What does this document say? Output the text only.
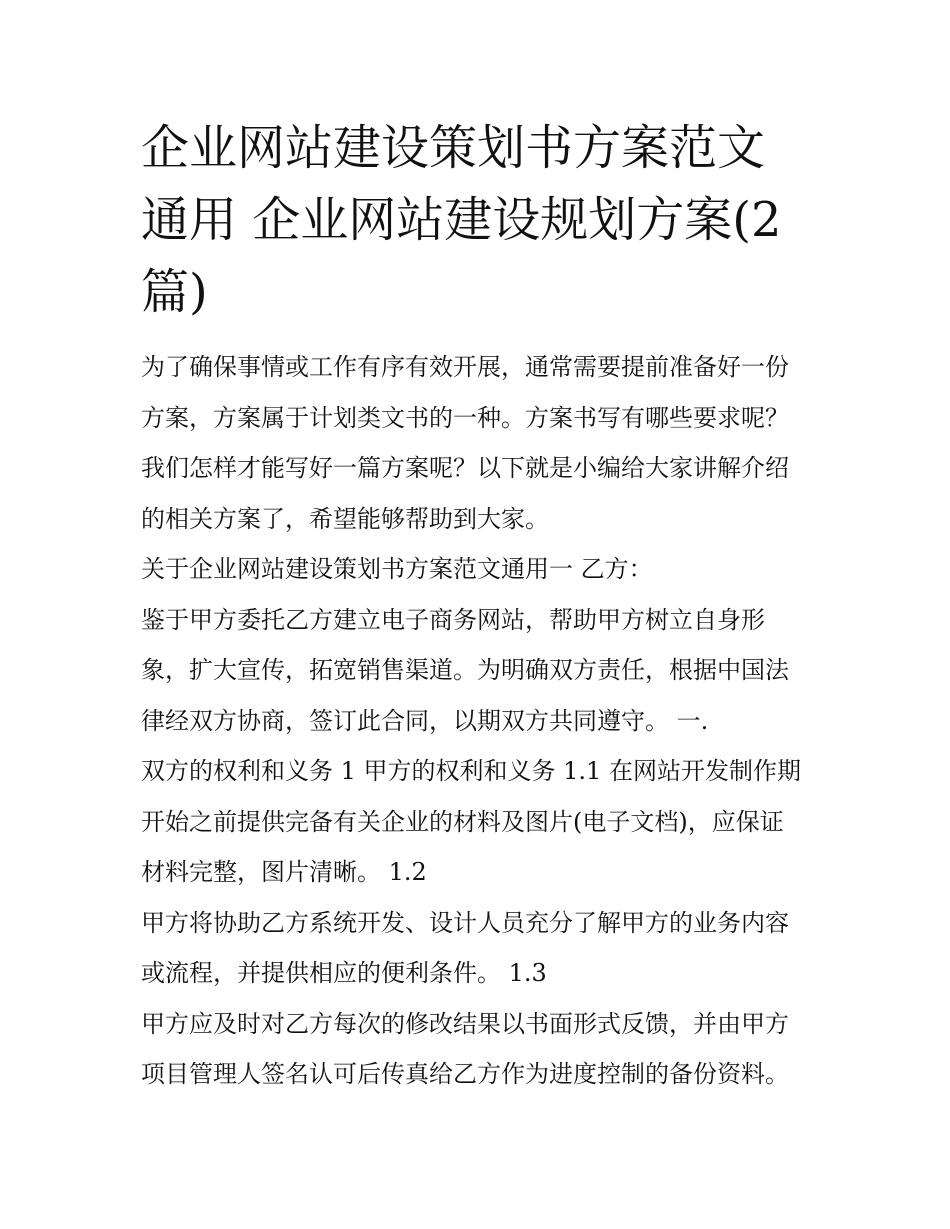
企业网站建设策划书方案范文
通用 企业网站建设规划方案(2
篇)
为了确保事情或工作有序有效开展，通常需要提前准备好一份
方案，方案属于计划类文书的一种。方案书写有哪些要求呢？
我们怎样才能写好一篇方案呢？以下就是小编给大家讲解介绍
的相关方案了，希望能够帮助到大家。
关于企业网站建设策划书方案范文通用一 乙方：
鉴于甲方委托乙方建立电子商务网站，帮助甲方树立自身形
象，扩大宣传，拓宽销售渠道。为明确双方责任，根据中国法
律经双方协商，签订此合同，以期双方共同遵守。 一.
双方的权利和义务 1 甲方的权利和义务 1.1 在网站开发制作期
开始之前提供完备有关企业的材料及图片(电子文档)，应保证
材料完整，图片清晰。 1.2
甲方将协助乙方系统开发、设计人员充分了解甲方的业务内容
或流程，并提供相应的便利条件。 1.3
甲方应及时对乙方每次的修改结果以书面形式反馈，并由甲方
项目管理人签名认可后传真给乙方作为进度控制的备份资料。
